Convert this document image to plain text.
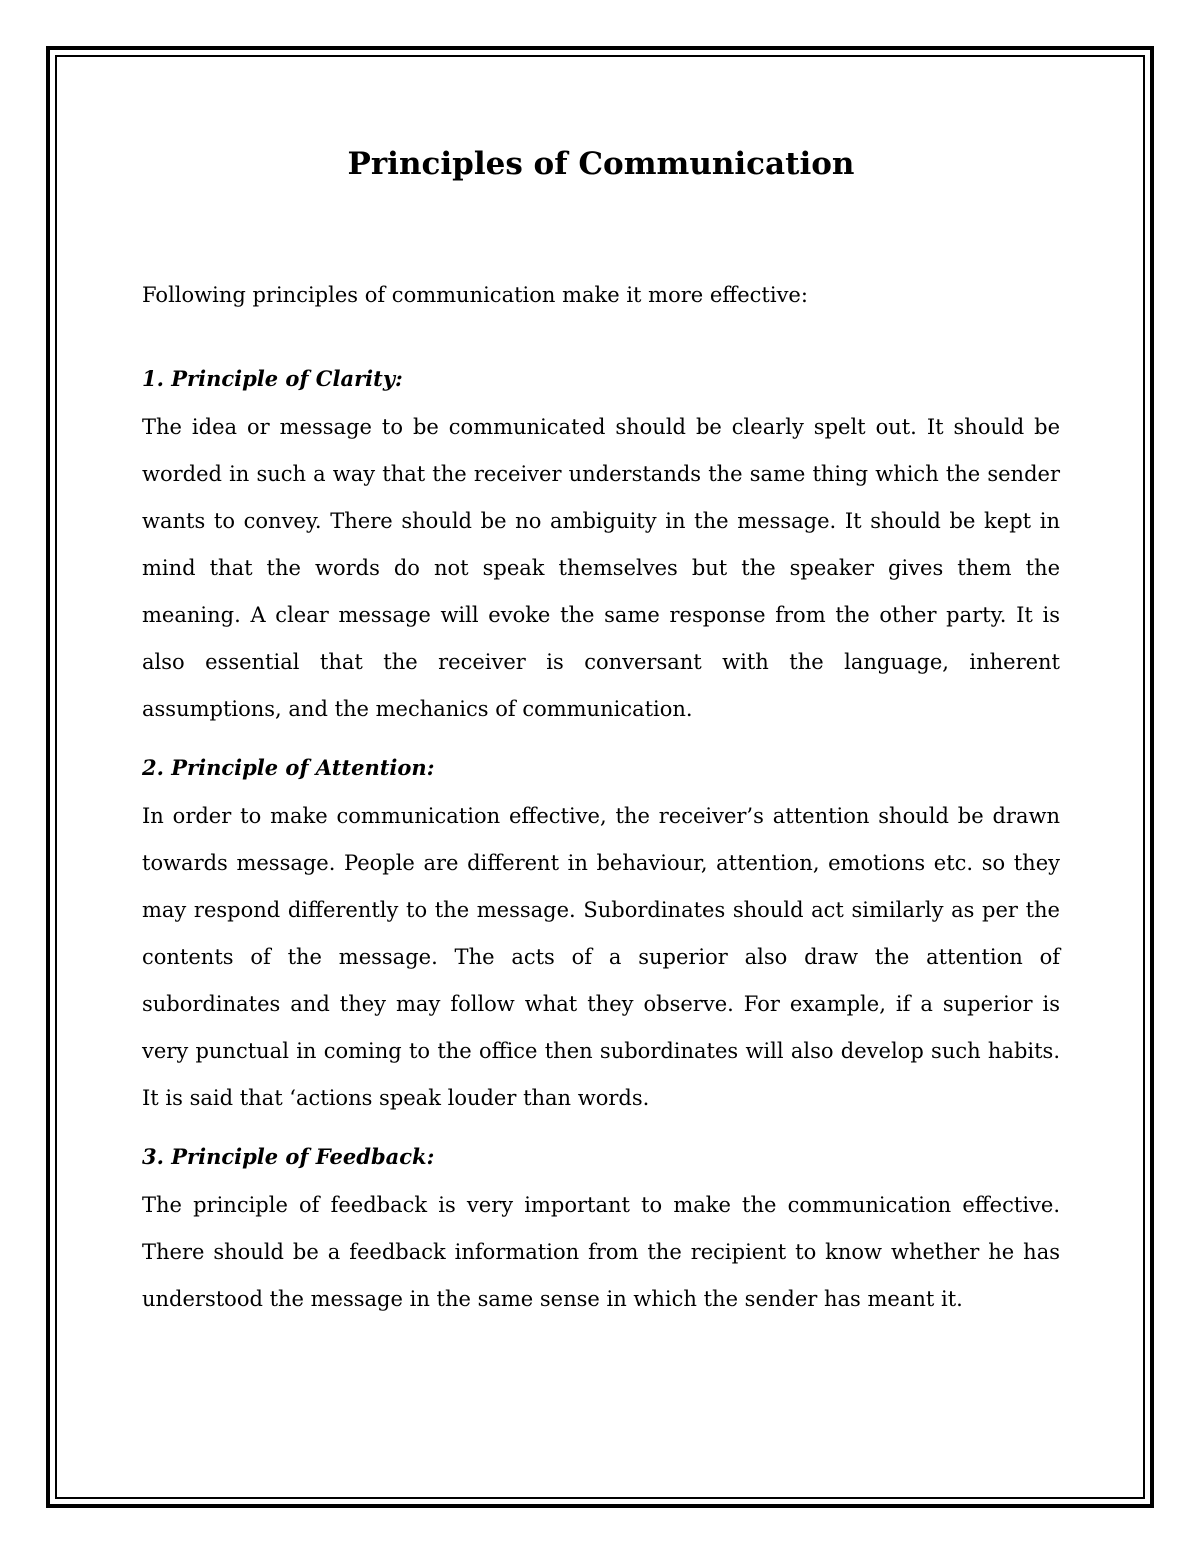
Principles of Communication

Following principles of communication make it more effective:

1. Principle of Clarity:

The idea or message to be communicated should be clearly spelt out. It should be worded in such a way that the receiver understands the same thing which the sender wants to convey. There should be no ambiguity in the message. It should be kept in mind that the words do not speak themselves but the speaker gives them the meaning. A clear message will evoke the same response from the other party. It is also essential that the receiver is conversant with the language, inherent assumptions, and the mechanics of communication.

2. Principle of Attention:

In order to make communication effective, the receiver’s attention should be drawn towards message. People are different in behaviour, attention, emotions etc. so they may respond differently to the message. Subordinates should act similarly as per the contents of the message. The acts of a superior also draw the attention of subordinates and they may follow what they observe. For example, if a superior is very punctual in coming to the office then subordinates will also develop such habits. It is said that ‘actions speak louder than words.

3. Principle of Feedback:

The principle of feedback is very important to make the communication effective. There should be a feedback information from the recipient to know whether he has understood the message in the same sense in which the sender has meant it.
